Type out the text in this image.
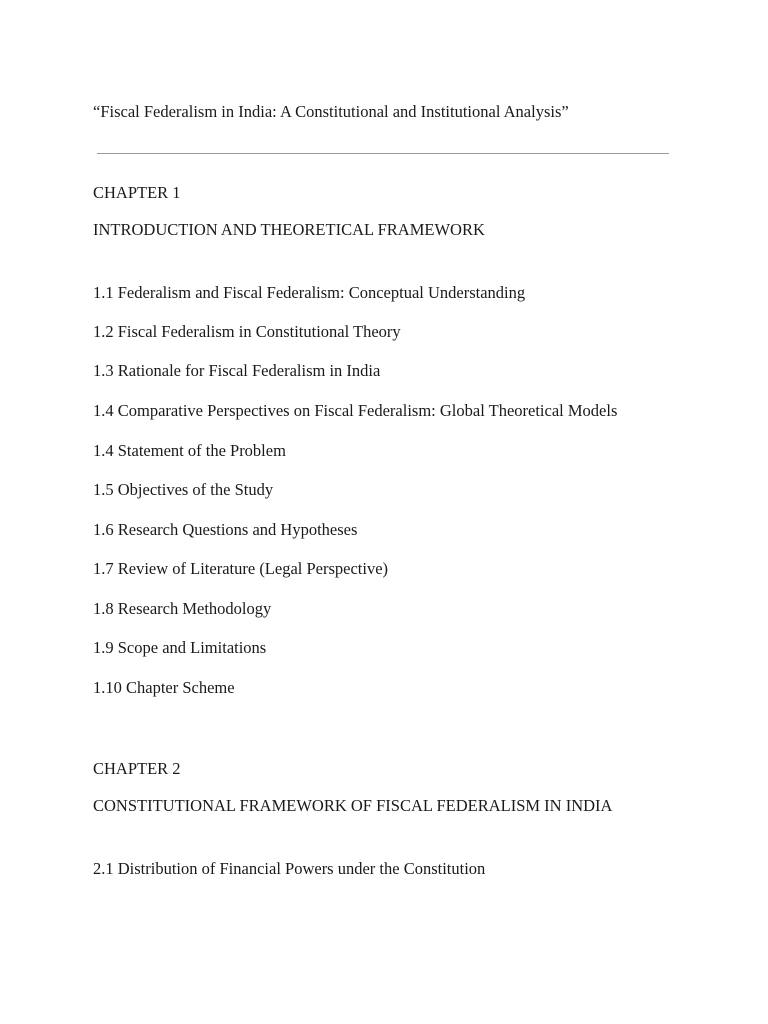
“Fiscal Federalism in India: A Constitutional and Institutional Analysis”
CHAPTER 1
INTRODUCTION AND THEORETICAL FRAMEWORK
1.1 Federalism and Fiscal Federalism: Conceptual Understanding
1.2 Fiscal Federalism in Constitutional Theory
1.3 Rationale for Fiscal Federalism in India
1.4 Comparative Perspectives on Fiscal Federalism: Global Theoretical Models
1.4 Statement of the Problem
1.5 Objectives of the Study
1.6 Research Questions and Hypotheses
1.7 Review of Literature (Legal Perspective)
1.8 Research Methodology
1.9 Scope and Limitations
1.10 Chapter Scheme
CHAPTER 2
CONSTITUTIONAL FRAMEWORK OF FISCAL FEDERALISM IN INDIA
2.1 Distribution of Financial Powers under the Constitution
